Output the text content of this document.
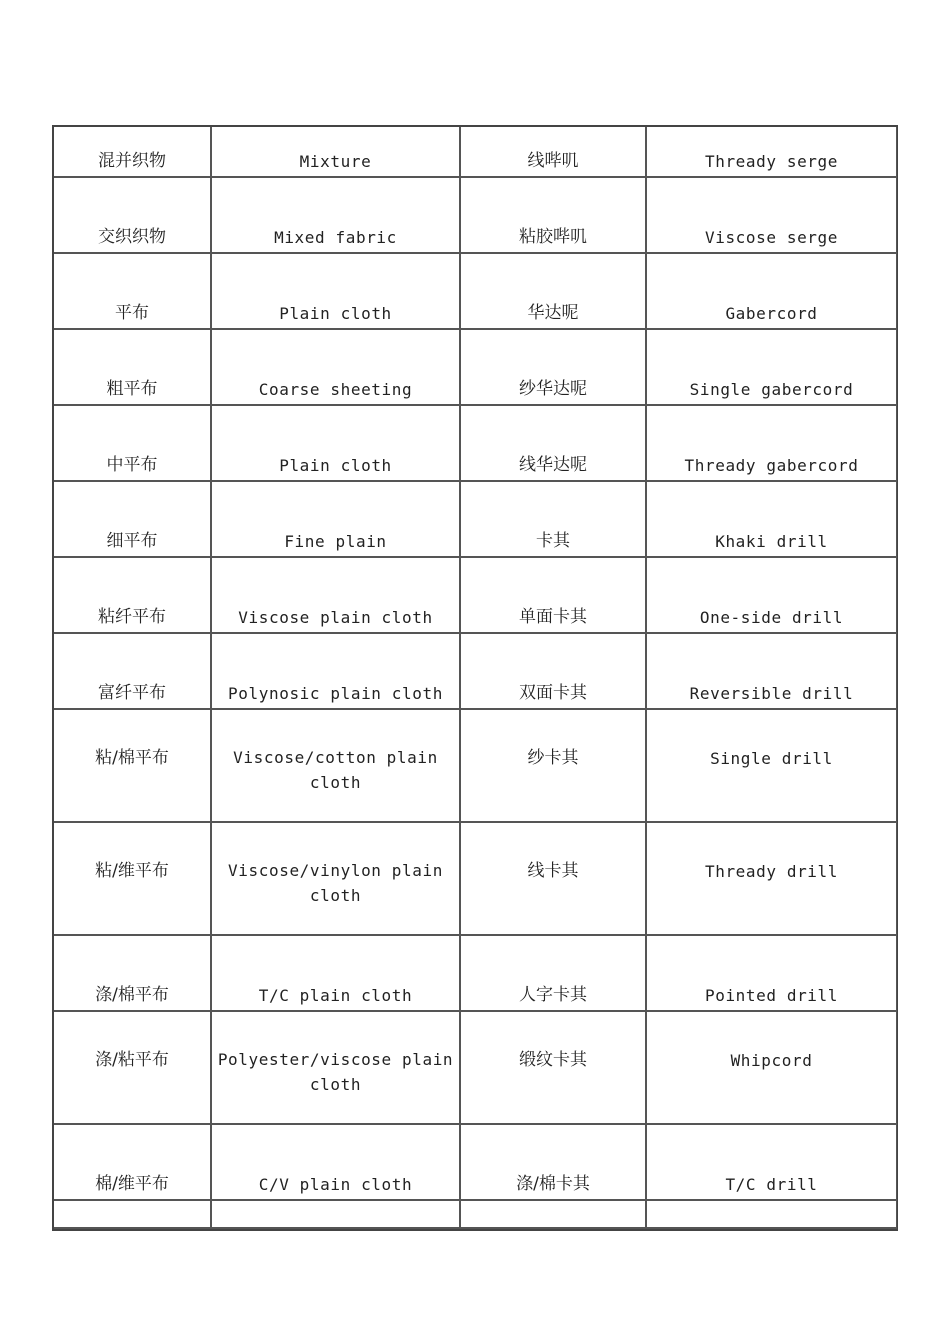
混并织物	Mixture	线哔叽	Thready serge
交织织物	Mixed fabric	粘胶哔叽	Viscose serge
平布	Plain cloth	华达呢	Gabercord
粗平布	Coarse sheeting	纱华达呢	Single gabercord
中平布	Plain cloth	线华达呢	Thready gabercord
细平布	Fine plain	卡其	Khaki drill
粘纤平布	Viscose plain cloth	单面卡其	One-side drill
富纤平布	Polynosic plain cloth	双面卡其	Reversible drill
粘/棉平布	Viscose/cotton plain cloth	纱卡其	Single drill
粘/维平布	Viscose/vinylon plain cloth	线卡其	Thready drill
涤/棉平布	T/C plain cloth	人字卡其	Pointed drill
涤/粘平布	Polyester/viscose plain cloth	缎纹卡其	Whipcord
棉/维平布	C/V plain cloth	涤/棉卡其	T/C drill
